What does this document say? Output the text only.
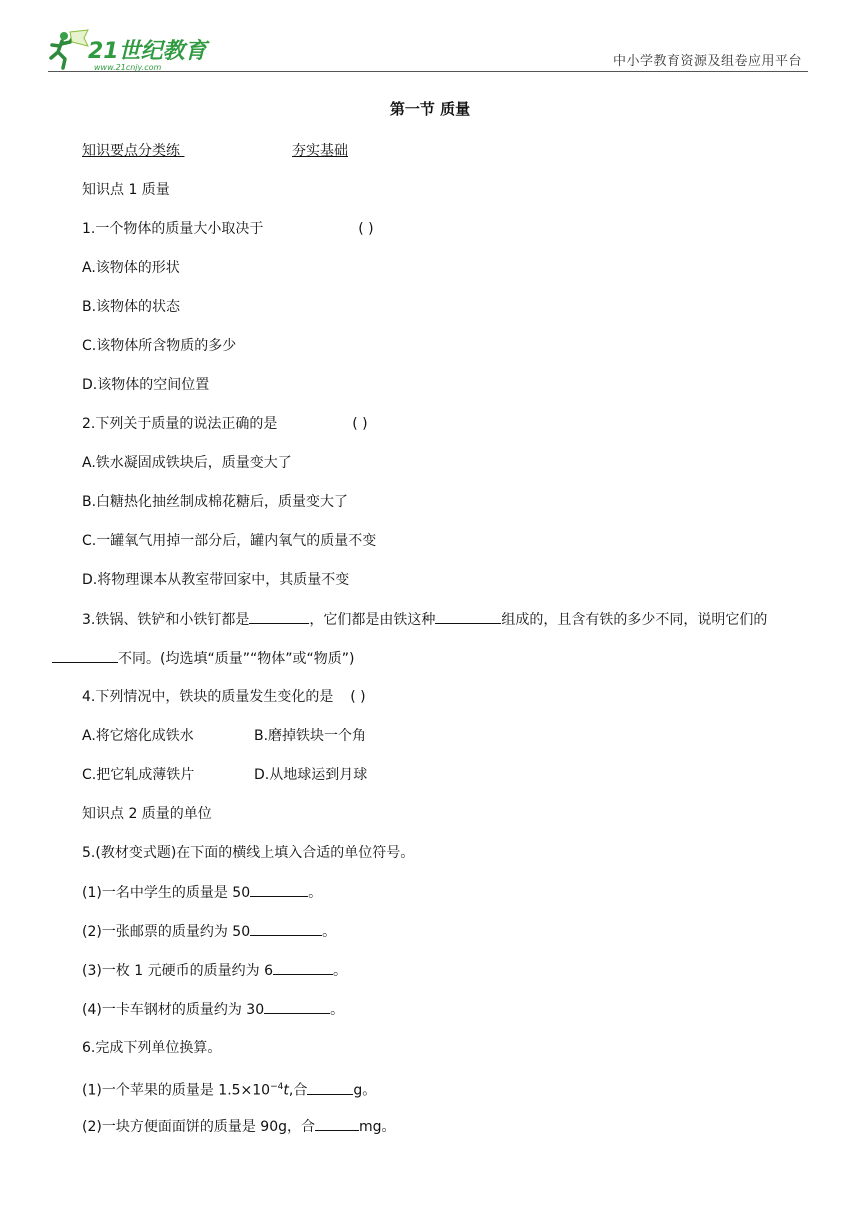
21世纪教育
www.21cnjy.com	中小学教育资源及组卷应用平台
第一节 质量
知识要点分类练	夯实基础
知识点 1 质量
1.一个物体的质量大小取决于	( )
A.该物体的形状
B.该物体的状态
C.该物体所含物质的多少
D.该物体的空间位置
2.下列关于质量的说法正确的是	( )
A.铁水凝固成铁块后，质量变大了
B.白糖热化抽丝制成棉花糖后，质量变大了
C.一罐氧气用掉一部分后，罐内氧气的质量不变
D.将物理课本从教室带回家中，其质量不变
3.铁锅、铁铲和小铁钉都是	，它们都是由铁这种	组成的，且含有铁的多少不同，说明它们的
不同。(均选填“质量”“物体”或“物质”)
4.下列情况中，铁块的质量发生变化的是 ( )
A.将它熔化成铁水	B.磨掉铁块一个角
C.把它轧成薄铁片	D.从地球运到月球
知识点 2 质量的单位
5.(教材变式题)在下面的横线上填入合适的单位符号。
(1)一名中学生的质量是 50	。
(2)一张邮票的质量约为 50	。
(3)一枚 1 元硬币的质量约为 6	。
(4)一卡车钢材的质量约为 30	。
6.完成下列单位换算。
(1)一个苹果的质量是 $1.5\times 10^{-4}t$,合	g。
(2)一块方便面面饼的质量是 90g，合	mg。
